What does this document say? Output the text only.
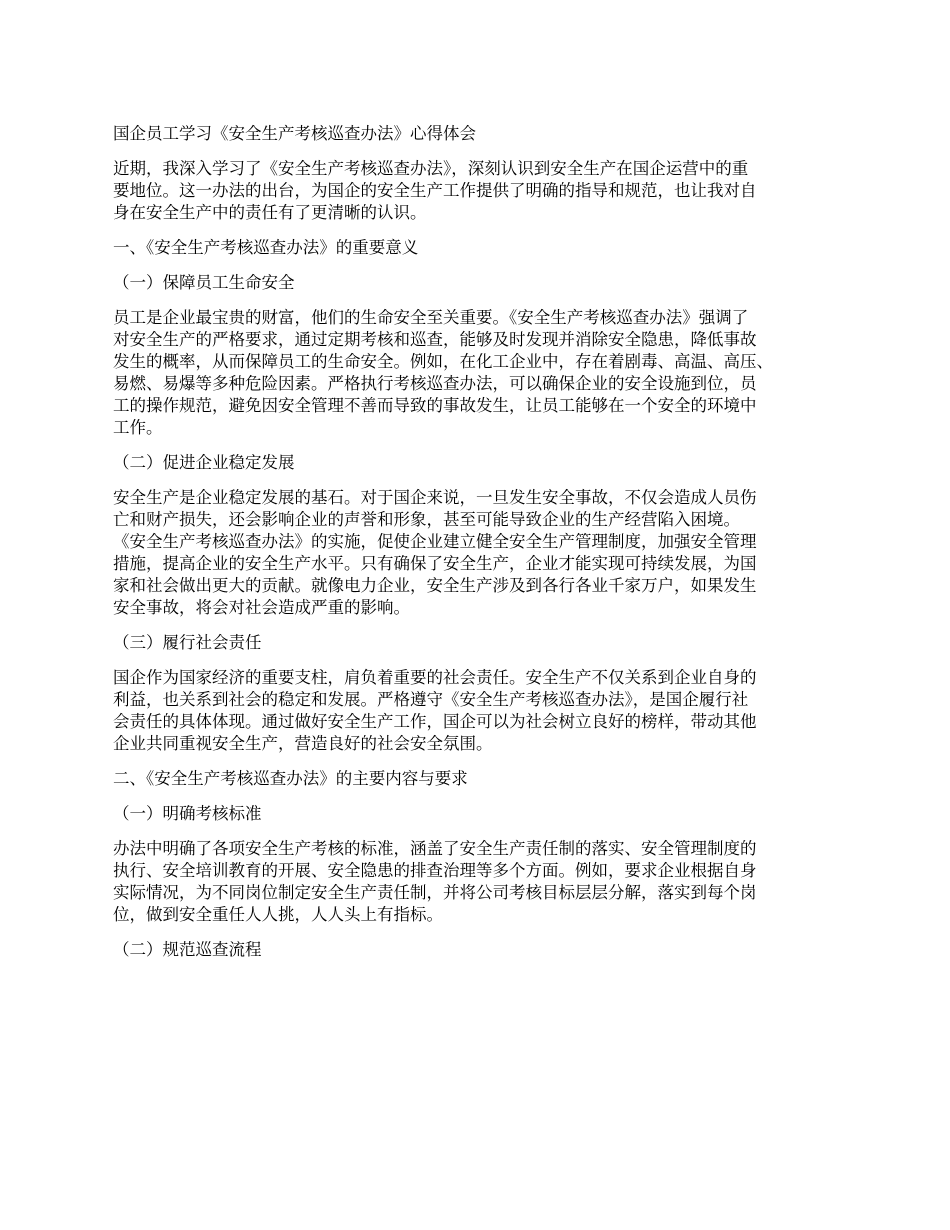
国企员工学习《安全生产考核巡查办法》心得体会
近期，我深入学习了《安全生产考核巡查办法》，深刻认识到安全生产在国企运营中的重
要地位。这一办法的出台，为国企的安全生产工作提供了明确的指导和规范，也让我对自
身在安全生产中的责任有了更清晰的认识。
一、《安全生产考核巡查办法》的重要意义
（一）保障员工生命安全
员工是企业最宝贵的财富，他们的生命安全至关重要。《安全生产考核巡查办法》强调了
对安全生产的严格要求，通过定期考核和巡查，能够及时发现并消除安全隐患，降低事故
发生的概率，从而保障员工的生命安全。例如，在化工企业中，存在着剧毒、高温、高压、
易燃、易爆等多种危险因素。严格执行考核巡查办法，可以确保企业的安全设施到位，员
工的操作规范，避免因安全管理不善而导致的事故发生，让员工能够在一个安全的环境中
工作。
（二）促进企业稳定发展
安全生产是企业稳定发展的基石。对于国企来说，一旦发生安全事故，不仅会造成人员伤
亡和财产损失，还会影响企业的声誉和形象，甚至可能导致企业的生产经营陷入困境。
《安全生产考核巡查办法》的实施，促使企业建立健全安全生产管理制度，加强安全管理
措施，提高企业的安全生产水平。只有确保了安全生产，企业才能实现可持续发展，为国
家和社会做出更大的贡献。就像电力企业，安全生产涉及到各行各业千家万户，如果发生
安全事故，将会对社会造成严重的影响。
（三）履行社会责任
国企作为国家经济的重要支柱，肩负着重要的社会责任。安全生产不仅关系到企业自身的
利益，也关系到社会的稳定和发展。严格遵守《安全生产考核巡查办法》，是国企履行社
会责任的具体体现。通过做好安全生产工作，国企可以为社会树立良好的榜样，带动其他
企业共同重视安全生产，营造良好的社会安全氛围。
二、《安全生产考核巡查办法》的主要内容与要求
（一）明确考核标准
办法中明确了各项安全生产考核的标准，涵盖了安全生产责任制的落实、安全管理制度的
执行、安全培训教育的开展、安全隐患的排查治理等多个方面。例如，要求企业根据自身
实际情况，为不同岗位制定安全生产责任制，并将公司考核目标层层分解，落实到每个岗
位，做到安全重任人人挑，人人头上有指标。
（二）规范巡查流程
